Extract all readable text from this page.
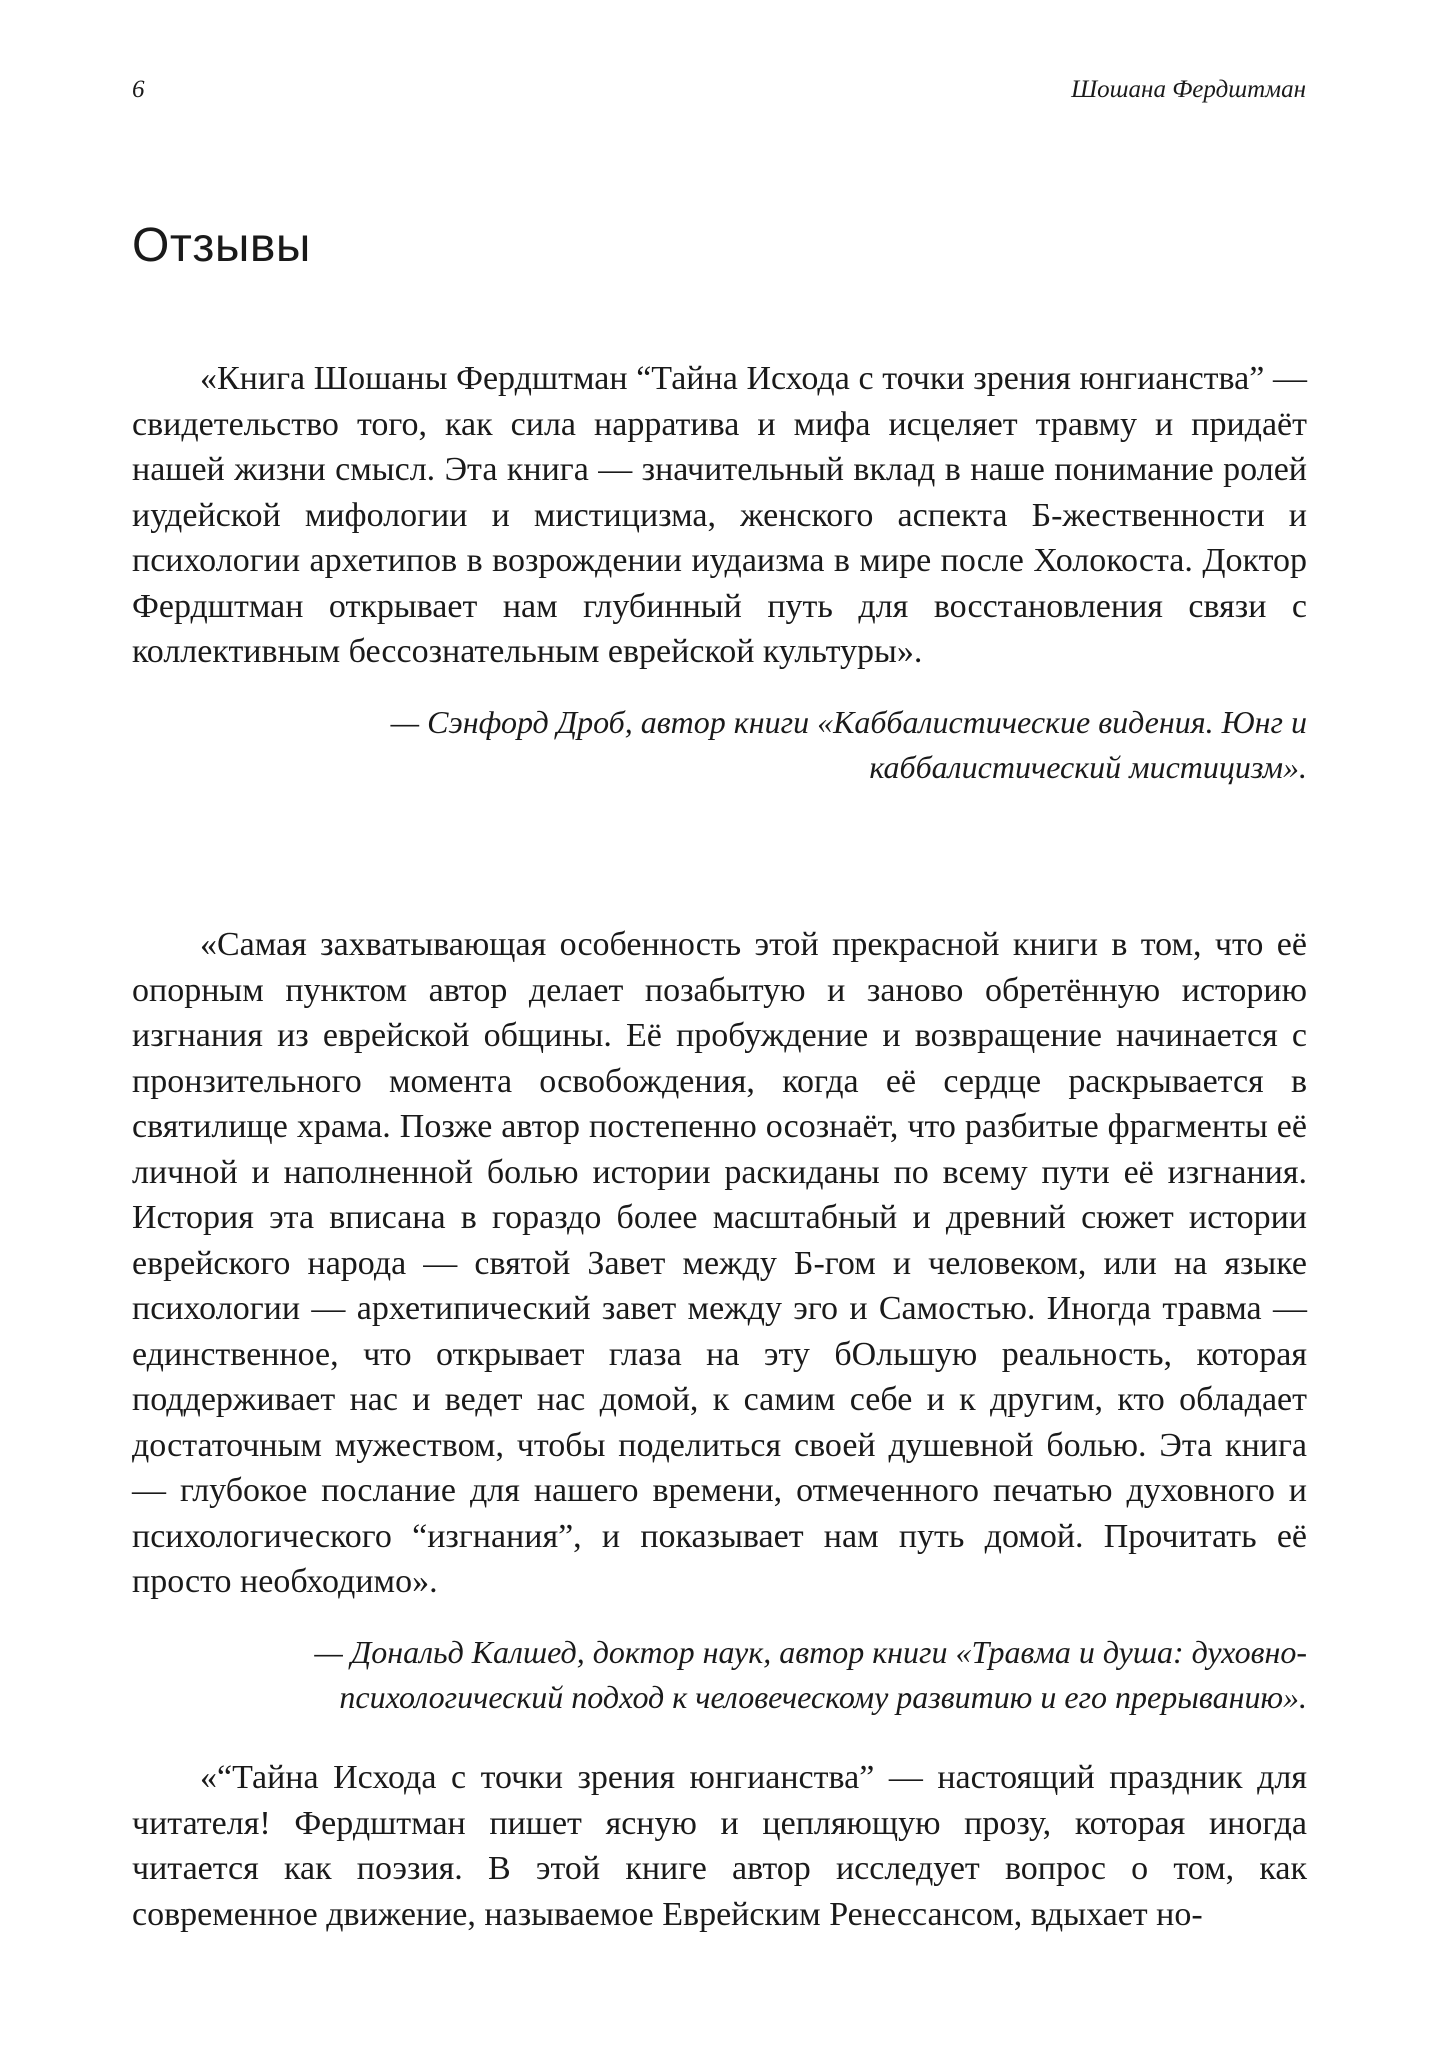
6	Шошана Фердштман
Отзывы

«Книга Шошаны Фердштман “Тайна Исхода с точки зрения юнгианства” — свидетельство того, как сила нарратива и мифа исцеляет травму и придаёт нашей жизни смысл. Эта книга — значительный вклад в наше понимание ролей иудейской мифологии и мистицизма, женского аспекта Б-жественности и психологии архетипов в возрождении иудаизма в мире после Холокоста. Доктор Фердштман открывает нам глубинный путь для восстановления связи с коллективным бессознательным еврейской культуры».

— Сэнфорд Дроб, автор книги «Каббалистические видения. Юнг и каббалистический мистицизм».

«Самая захватывающая особенность этой прекрасной книги в том, что её опорным пунктом автор делает позабытую и заново обретённую историю изгнания из еврейской общины. Её пробуждение и возвращение начинается с пронзительного момента освобождения, когда её сердце раскрывается в святилище храма. Позже автор постепенно осознаёт, что разбитые фрагменты её личной и наполненной болью истории раскиданы по всему пути её изгнания. История эта вписана в гораздо более масштабный и древний сюжет истории еврейского народа — святой Завет между Б-гом и человеком, или на языке психологии — архетипический завет между эго и Самостью. Иногда травма — единственное, что открывает глаза на эту бОльшую реальность, которая поддерживает нас и ведет нас домой, к самим себе и к другим, кто обладает достаточным мужеством, чтобы поделиться своей душевной болью. Эта книга — глубокое послание для нашего времени, отмеченного печатью духовного и психологического “изгнания”, и показывает нам путь домой. Прочитать её просто необходимо».

— Дональд Калшед, доктор наук, автор книги «Травма и душа: духовно-психологический подход к человеческому развитию и его прерыванию».

«“Тайна Исхода с точки зрения юнгианства” — настоящий праздник для читателя! Фердштман пишет ясную и цепляющую прозу, которая иногда читается как поэзия. В этой книге автор исследует вопрос о том, как современное движение, называемое Еврейским Ренессансом, вдыхает но-
